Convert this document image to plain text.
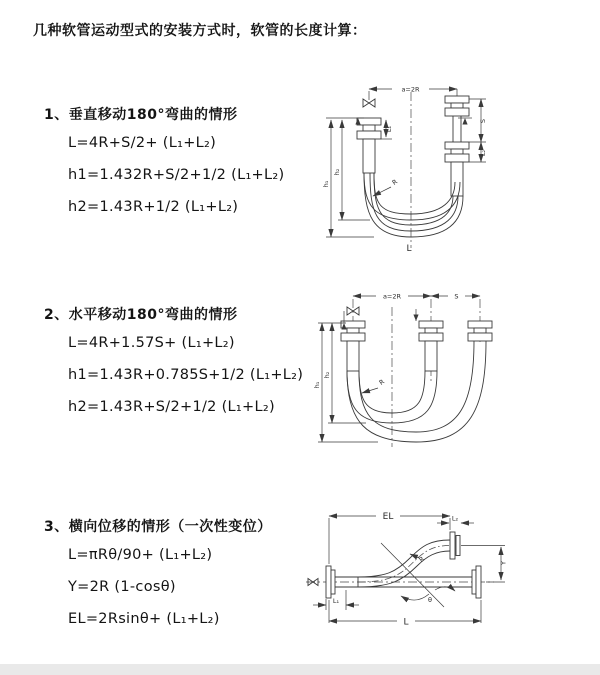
几种软管运动型式的安装方式时，软管的长度计算：
1、垂直移动180°弯曲的情形
L=4R+S/2+ (L₁+L₂)
h1=1.432R+S/2+1/2 (L₁+L₂)
h2=1.43R+1/2 (L₁+L₂)
2、水平移动180°弯曲的情形
L=4R+1.57S+ (L₁+L₂)
h1=1.43R+0.785S+1/2 (L₁+L₂)
h2=1.43R+S/2+1/2 (L₁+L₂)
3、横向位移的情形（一次性变位）
L=πRθ/90+ (L₁+L₂)
Y=2R (1-cosθ)
EL=2Rsinθ+ (L₁+L₂)
a=2R
h₁
h₂
L₁
S
L₂
R
L
a=2R	S
h₁
h₂
R
EL	L₂
Y
R
θ
L₁
L
